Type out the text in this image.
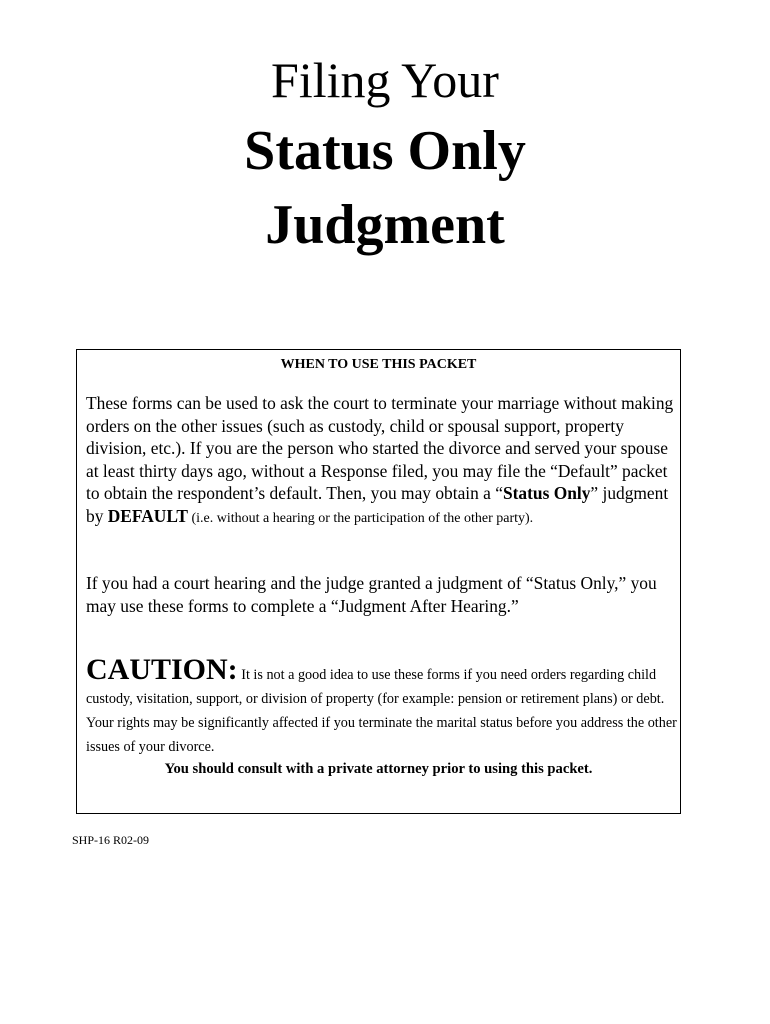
Filing Your
Status Only
Judgment
WHEN TO USE THIS PACKET
These forms can be used to ask the court to terminate your marriage without making orders on the other issues (such as custody, child or spousal support, property division, etc.). If you are the person who started the divorce and served your spouse at least thirty days ago, without a Response filed, you may file the “Default” packet to obtain the respondent’s default. Then, you may obtain a “Status Only” judgment by DEFAULT (i.e. without a hearing or the participation of the other party).
If you had a court hearing and the judge granted a judgment of “Status Only,” you may use these forms to complete a “Judgment After Hearing.”
CAUTION: It is not a good idea to use these forms if you need orders regarding child custody, visitation, support, or division of property (for example: pension or retirement plans) or debt. Your rights may be significantly affected if you terminate the marital status before you address the other issues of your divorce.
You should consult with a private attorney prior to using this packet.
SHP-16 R02-09
